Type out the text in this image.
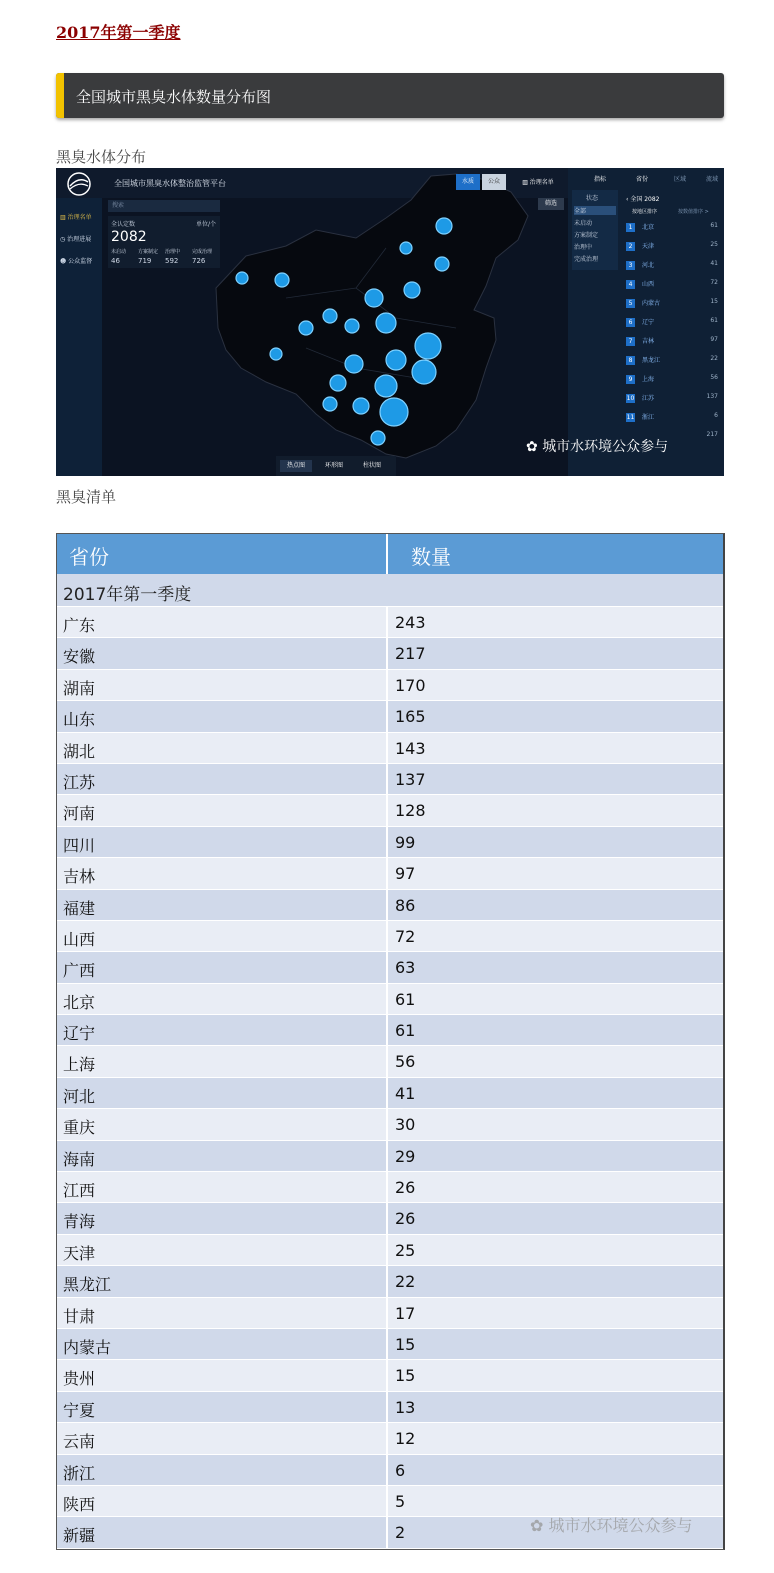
2017年第一季度
全国城市黑臭水体数量分布图
黑臭水体分布
全国城市黑臭水体整治监管平台
▥ 治理名单
◷ 治理进展
☻ 公众监督
搜索
全认定数	单位/个
2082
未启动 方案制定 治理中 完成治理
46	719 592 726
水质	公众	▥ 治理名单
筛选
热点图	环形图	柱状图
指标	省份	区域	流域
状态
全部
未启动
方案制定
治理中
完成治理
‹ 全国 2082
按地区排序	按数值排序 >
1	北京	61
2	天津	25
3	河北	41
4	山西	72
5	内蒙古	15
6	辽宁	61
7	吉林	97
8	黑龙江	22
9	上海	56
10 江苏	137
11 浙江	6
217
✿ 城市水环境公众参与
黑臭清单
省份	数量
2017年第一季度
广东	243
安徽	217
湖南	170
山东	165
湖北	143
江苏	137
河南	128
四川	99
吉林	97
福建	86
山西	72
广西	63
北京	61
辽宁	61
上海	56
河北	41
重庆	30
海南	29
江西	26
青海	26
天津	25
黑龙江	22
甘肃	17
内蒙古	15
贵州	15
宁夏	13
云南	12
浙江	6
陕西	5
新疆	2	✿ 城市水环境公众参与
